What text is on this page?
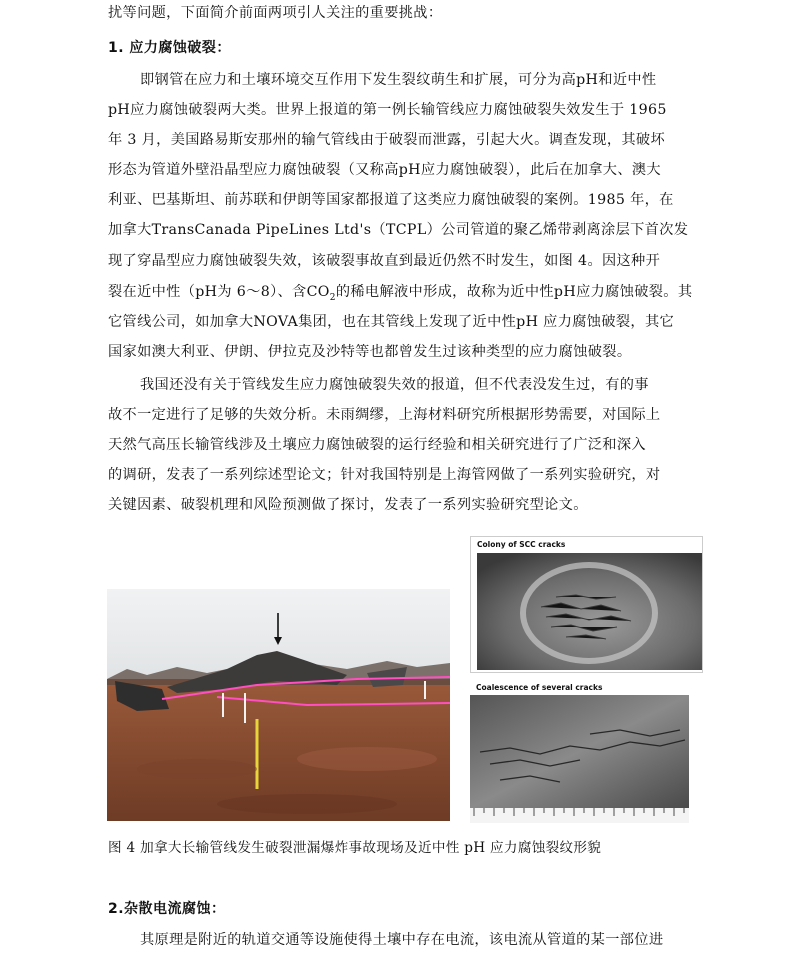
扰等问题，下面简介前面两项引人关注的重要挑战：
1. 应力腐蚀破裂：
即钢管在应力和土壤环境交互作用下发生裂纹萌生和扩展，可分为高pH和近中性
pH应力腐蚀破裂两大类。世界上报道的第一例长输管线应力腐蚀破裂失效发生于 1965
年 3 月，美国路易斯安那州的输气管线由于破裂而泄露，引起大火。调查发现，其破坏
形态为管道外壁沿晶型应力腐蚀破裂（又称高pH应力腐蚀破裂），此后在加拿大、澳大
利亚、巴基斯坦、前苏联和伊朗等国家都报道了这类应力腐蚀破裂的案例。1985 年，在
加拿大TransCanada PipeLines Ltd's（TCPL）公司管道的聚乙烯带剥离涂层下首次发
现了穿晶型应力腐蚀破裂失效，该破裂事故直到最近仍然不时发生，如图 4。因这种开
裂在近中性（pH为 6～8）、含$CO_2$的稀电解液中形成，故称为近中性pH应力腐蚀破裂。其
它管线公司，如加拿大NOVA集团，也在其管线上发现了近中性pH 应力腐蚀破裂，其它
国家如澳大利亚、伊朗、伊拉克及沙特等也都曾发生过该种类型的应力腐蚀破裂。
我国还没有关于管线发生应力腐蚀破裂失效的报道，但不代表没发生过，有的事
故不一定进行了足够的失效分析。未雨绸缪，上海材料研究所根据形势需要，对国际上
天然气高压长输管线涉及土壤应力腐蚀破裂的运行经验和相关研究进行了广泛和深入
的调研，发表了一系列综述型论文；针对我国特别是上海管网做了一系列实验研究，对
关键因素、破裂机理和风险预测做了探讨，发表了一系列实验研究型论文。
Colony of SCC cracks
Coalescence of several cracks
图 4 加拿大长输管线发生破裂泄漏爆炸事故现场及近中性 pH 应力腐蚀裂纹形貌
2.杂散电流腐蚀：
其原理是附近的轨道交通等设施使得土壤中存在电流，该电流从管道的某一部位进
